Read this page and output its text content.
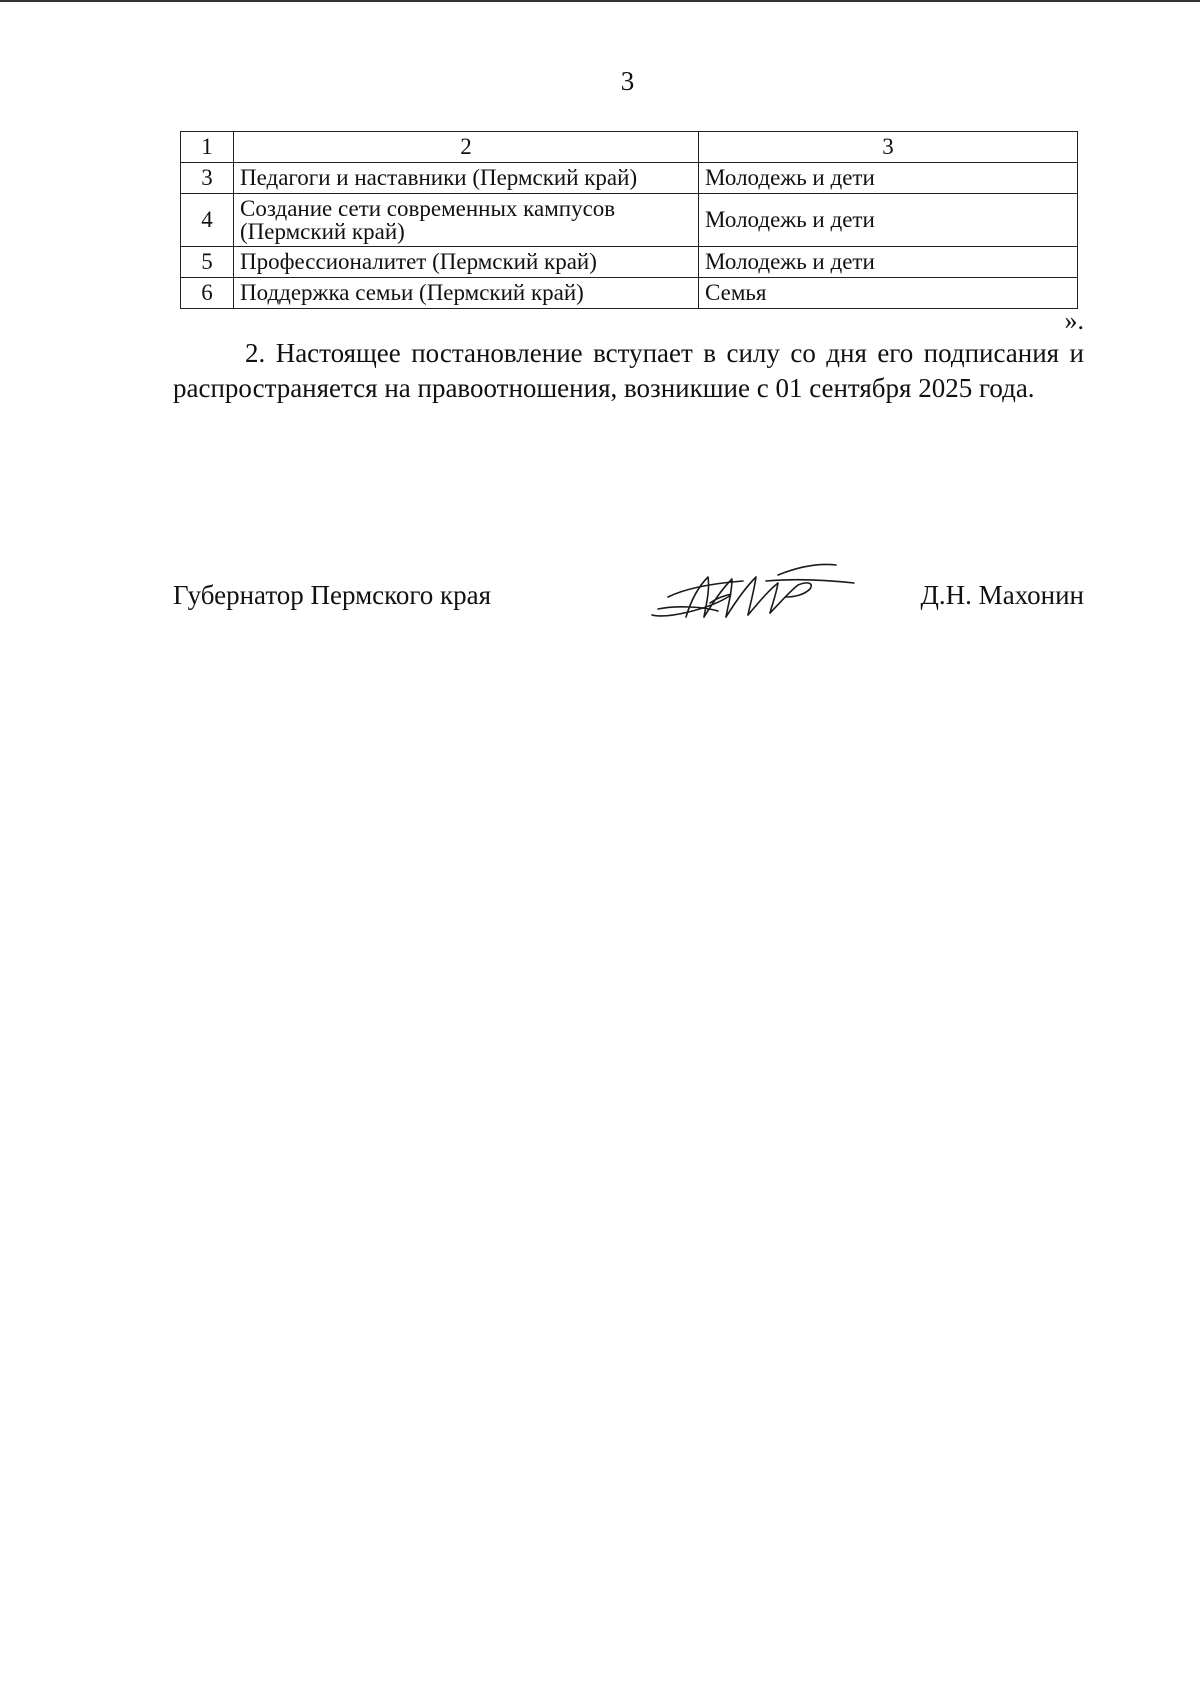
3
1	2	3
3	Педагоги и наставники (Пермский край)	Молодежь и дети
4	Создание сети современных кампусов (Пермский край)	Молодежь и дети
5	Профессионалитет (Пермский край)	Молодежь и дети
6	Поддержка семьи (Пермский край)	Семья
».

2. Настоящее постановление вступает в силу со дня его подписания и распространяется на правоотношения, возникшие с 01 сентября 2025 года.

Губернатор Пермского края	Д.Н. Махонин
